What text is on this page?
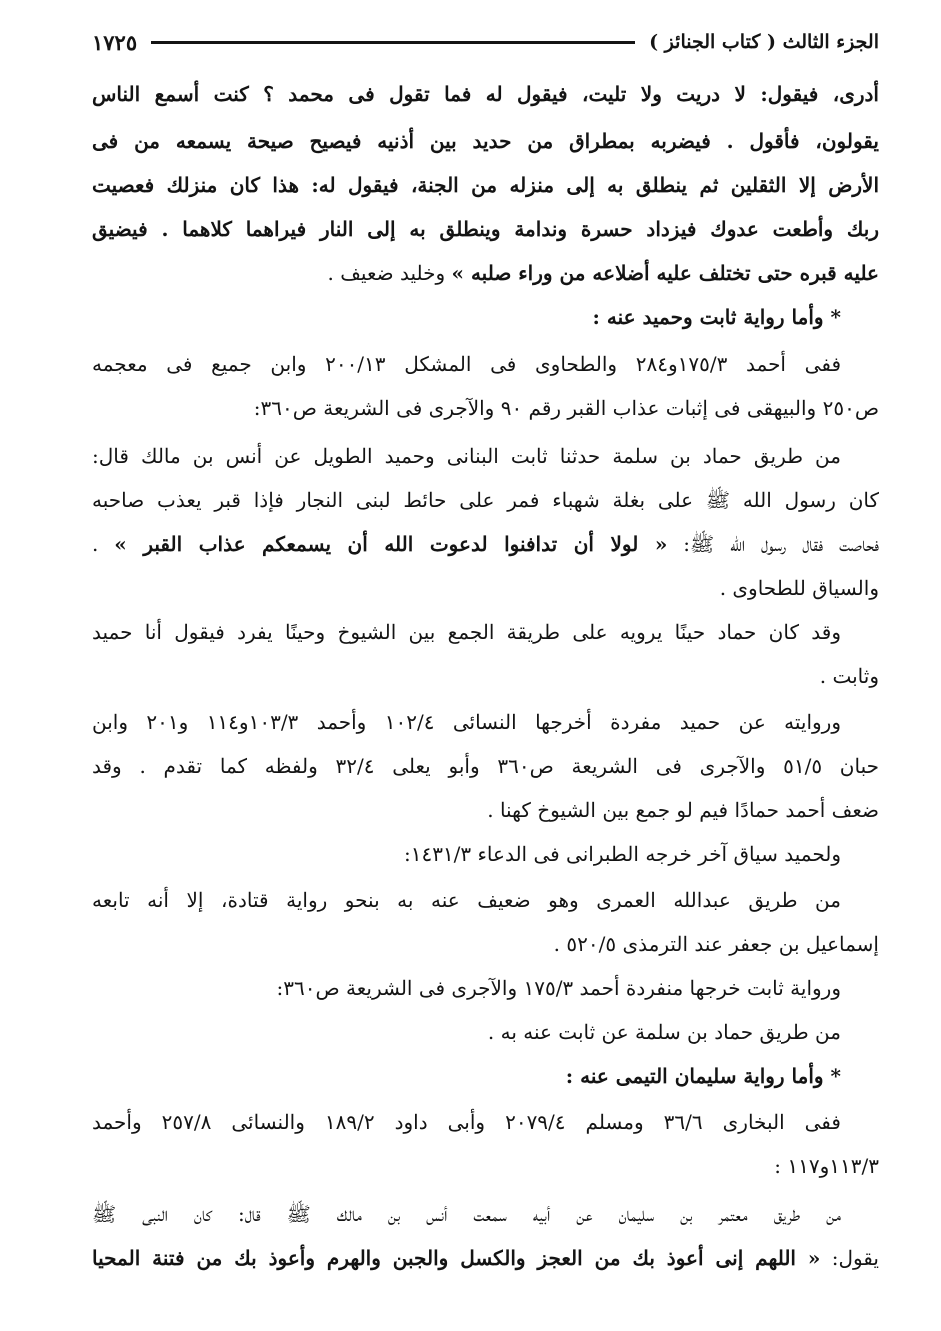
الجزء الثالث ( كتاب الجنائز )
١٧٢٥
أدرى، فيقول: لا دريت ولا تليت، فيقول له فما تقول فى محمد ؟ كنت أسمع الناس
يقولون، فأقول . فيضربه بمطراق من حديد بين أذنيه فيصيح صيحة يسمعه من فى
الأرض إلا الثقلين ثم ينطلق به إلى منزله من الجنة، فيقول له: هذا كان منزلك فعصيت
ربك وأطعت عدوك فيزداد حسرة وندامة وينطلق به إلى النار فيراهما كلاهما . فيضيق
عليه قبره حتى تختلف عليه أضلاعه من وراء صلبه » وخليد ضعيف .
* وأما رواية ثابت وحميد عنه :
ففى أحمد ١٧٥/٣و٢٨٤ والطحاوى فى المشكل ٢٠٠/١٣ وابن جميع فى معجمه
ص٢٥٠ والبيهقى فى إثبات عذاب القبر رقم ٩٠ والآجرى فى الشريعة ص٣٦٠:
من طريق حماد بن سلمة حدثنا ثابت البنانى وحميد الطويل عن أنس بن مالك قال:
كان رسول الله ﷺ على بغلة شهباء فمر على حائط لبنى النجار فإذا قبر يعذب صاحبه
فحاصت فقال رسول الله ﷺ: « لولا أن تدافنوا لدعوت الله أن يسمعكم عذاب القبر » .
والسياق للطحاوى .
وقد كان حماد حينًا يرويه على طريقة الجمع بين الشيوخ وحينًا يفرد فيقول أنا حميد
وثابت .
وروايته عن حميد مفردة أخرجها النسائى ١٠٢/٤ وأحمد ١٠٣/٣و١١٤ و٢٠١ وابن
حبان ٥١/٥ والآجرى فى الشريعة ص٣٦٠ وأبو يعلى ٣٢/٤ ولفظه كما تقدم . وقد
ضعف أحمد حمادًا فيم لو جمع بين الشيوخ كهنا .
ولحميد سياق آخر خرجه الطبرانى فى الدعاء ١٤٣١/٣:
من طريق عبدالله العمرى وهو ضعيف عنه به بنحو رواية قتادة، إلا أنه تابعه
إسماعيل بن جعفر عند الترمذى ٥٢٠/٥ .
ورواية ثابت خرجها منفردة أحمد ١٧٥/٣ والآجرى فى الشريعة ص٣٦٠:
من طريق حماد بن سلمة عن ثابت عنه به .
* وأما رواية سليمان التيمى عنه :
ففى البخارى ٣٦/٦ ومسلم ٢٠٧٩/٤ وأبى داود ١٨٩/٢ والنسائى ٢٥٧/٨ وأحمد
١١٣/٣و١١٧ :
من طريق معتمر بن سليمان عن أبيه سمعت أنس بن مالك ﷺ قال: كان النبى ﷺ
يقول: « اللهم إنى أعوذ بك من العجز والكسل والجبن والهرم وأعوذ بك من فتنة المحيا
